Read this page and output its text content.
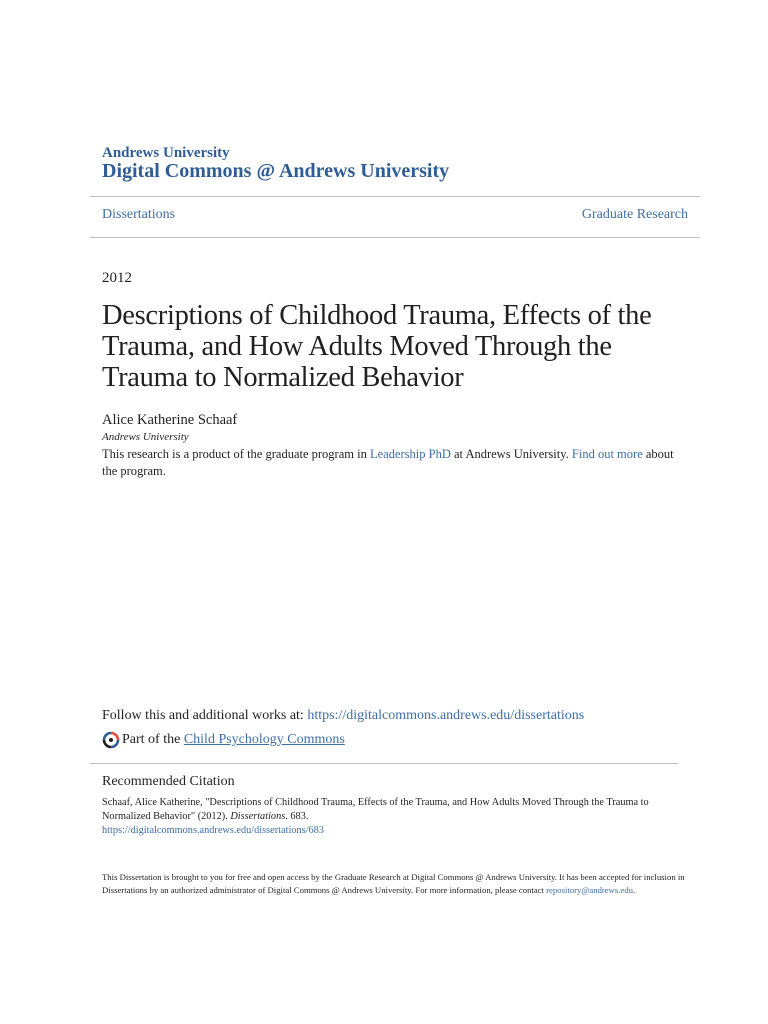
Andrews University
Digital Commons @ Andrews University
Dissertations	Graduate Research
2012
Descriptions of Childhood Trauma, Effects of the Trauma, and How Adults Moved Through the Trauma to Normalized Behavior
Alice Katherine Schaaf
Andrews University
This research is a product of the graduate program in Leadership PhD at Andrews University. Find out more about the program.
Follow this and additional works at: https://digitalcommons.andrews.edu/dissertations
Part of the
Child Psychology Commons
Recommended Citation
Schaaf, Alice Katherine, "Descriptions of Childhood Trauma, Effects of the Trauma, and How Adults Moved Through the Trauma to Normalized Behavior" (2012). Dissertations. 683.
https://digitalcommons.andrews.edu/dissertations/683
This Dissertation is brought to you for free and open access by the Graduate Research at Digital Commons @ Andrews University. It has been accepted for inclusion in Dissertations by an authorized administrator of Digital Commons @ Andrews University. For more information, please contact repository@andrews.edu.
